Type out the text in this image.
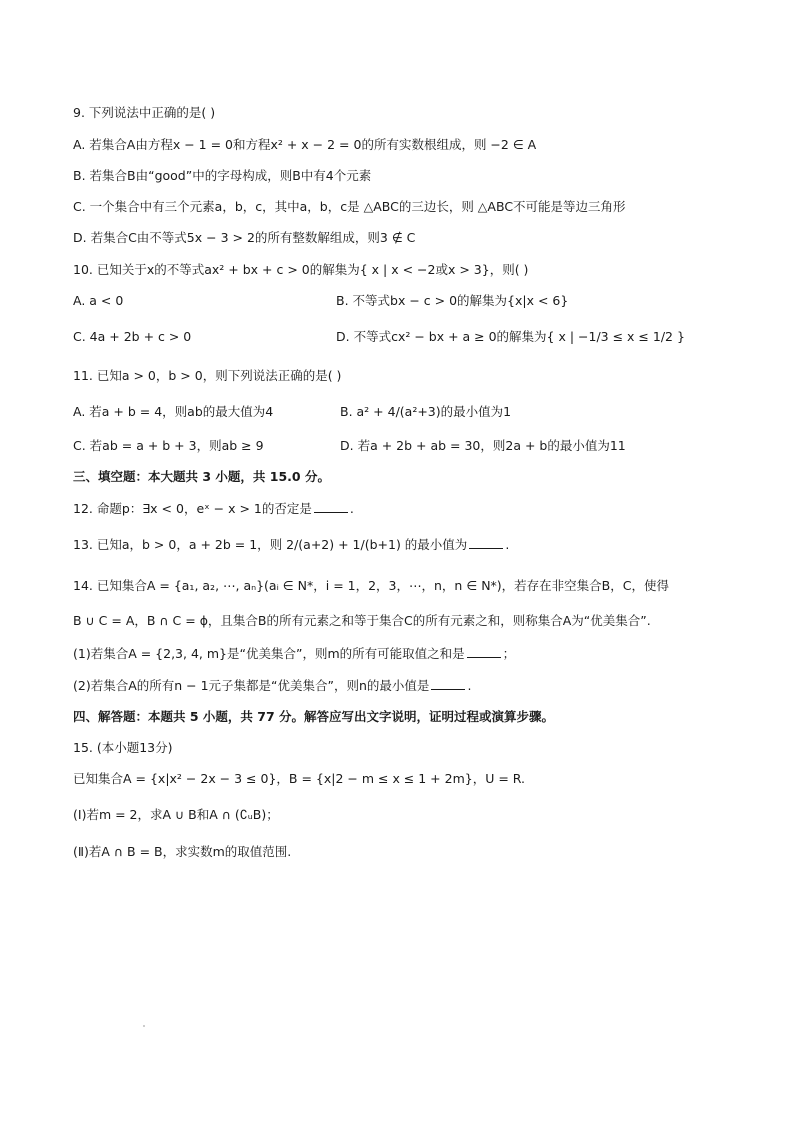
9. 下列说法中正确的是( )
A. 若集合A由方程x − 1 = 0和方程x² + x − 2 = 0的所有实数根组成，则 −2 ∈ A
B. 若集合B由“good”中的字母构成，则B中有4个元素
C. 一个集合中有三个元素a，b，c，其中a，b，c是 △ABC的三边长，则 △ABC不可能是等边三角形
D. 若集合C由不等式5x − 3 > 2的所有整数解组成，则3 ∉ C
10. 已知关于x的不等式ax² + bx + c > 0的解集为{ x | x < −2或x > 3}，则( )
A. a < 0	B. 不等式bx − c > 0的解集为{x|x < 6}
C. 4a + 2b + c > 0	D. 不等式cx² − bx + a ≥ 0的解集为{ x | −1/3 ≤ x ≤ 1/2 }
11. 已知a > 0，b > 0，则下列说法正确的是( )
A. 若a + b = 4，则ab的最大值为4	B. a² + 4/(a²+3)的最小值为1
C. 若ab = a + b + 3，则ab ≥ 9	D. 若a + 2b + ab = 30，则2a + b的最小值为11
三、填空题：本大题共 3 小题，共 15.0 分。
12. 命题p：∃x < 0，eˣ − x > 1的否定是	.
13. 已知a，b > 0，a + 2b = 1，则 2/(a+2) + 1/(b+1) 的最小值为	.
14. 已知集合A = {a₁, a₂, ⋯, aₙ}(aᵢ ∈ N*，i = 1，2，3，⋯，n，n ∈ N*)，若存在非空集合B，C，使得
B ∪ C = A，B ∩ C = ϕ，且集合B的所有元素之和等于集合C的所有元素之和，则称集合A为“优美集合”.
(1)若集合A = {2,3, 4, m}是“优美集合”，则m的所有可能取值之和是	；
(2)若集合A的所有n − 1元子集都是“优美集合”，则n的最小值是	.
四、解答题：本题共 5 小题，共 77 分。解答应写出文字说明，证明过程或演算步骤。
15. (本小题13分)
已知集合A = {x|x² − 2x − 3 ≤ 0}，B = {x|2 − m ≤ x ≤ 1 + 2m}，U = R.
(Ⅰ)若m = 2，求A ∪ B和A ∩ (∁ᵤB)；
(Ⅱ)若A ∩ B = B，求实数m的取值范围.
